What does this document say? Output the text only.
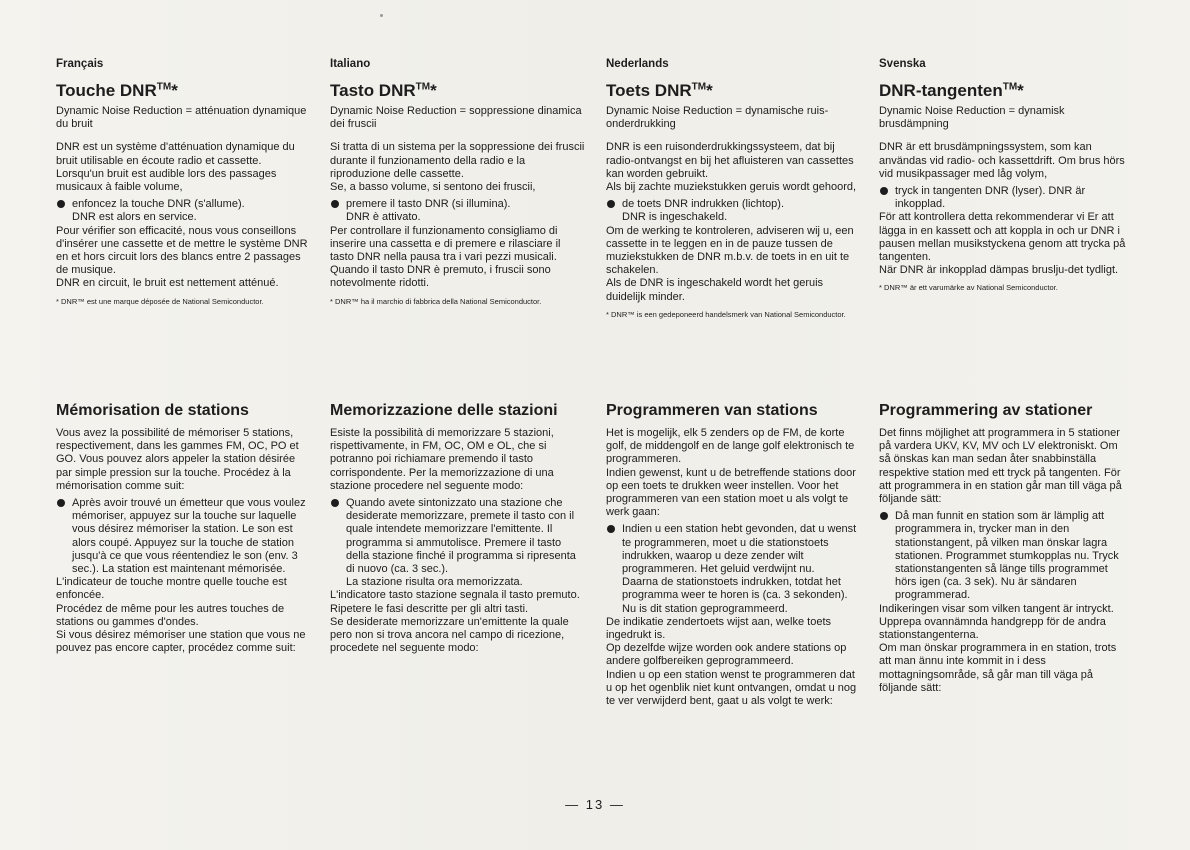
Français
Touche DNR™*

Dynamic Noise Reduction = atténuation dynamique du bruit

DNR est un système d'atténuation dynamique du bruit utilisable en écoute radio et cassette.
Lorsqu'un bruit est audible lors des passages musicaux à faible volume,

enfoncez la touche DNR (s'allume).
DNR est alors en service.

Pour vérifier son efficacité, nous vous conseillons d'insérer une cassette et de mettre le système DNR en et hors circuit lors des blancs entre 2 passages de musique.
DNR en circuit, le bruit est nettement atténué.

* DNR™ est une marque déposée de National Semiconductor.
Mémorisation de stations

Vous avez la possibilité de mémoriser 5 stations, respectivement, dans les gammes FM, OC, PO et GO. Vous pouvez alors appeler la station désirée par simple pression sur la touche. Procédez à la mémorisation comme suit:

Après avoir trouvé un émetteur que vous voulez mémoriser, appuyez sur la touche sur laquelle vous désirez mémoriser la station. Le son est alors coupé. Appuyez sur la touche de station jusqu'à ce que vous réentendiez le son (env. 3 sec.). La station est maintenant mémorisée.

L'indicateur de touche montre quelle touche est enfoncée.
Procédez de même pour les autres touches de stations ou gammes d'ondes.
Si vous désirez mémoriser une station que vous ne pouvez pas encore capter, procédez comme suit:

Italiano
Tasto DNR™*

Dynamic Noise Reduction = soppressione dinamica dei fruscii

Si tratta di un sistema per la soppressione dei fruscii durante il funzionamento della radio e la riproduzione delle cassette.
Se, a basso volume, si sentono dei fruscii,

premere il tasto DNR (si illumina).
DNR è attivato.

Per controllare il funzionamento consigliamo di inserire una cassetta e di premere e rilasciare il tasto DNR nella pausa tra i vari pezzi musicali.
Quando il tasto DNR è premuto, i fruscii sono notevolmente ridotti.

* DNR™ ha il marchio di fabbrica della National Semiconductor.
Memorizzazione delle stazioni

Esiste la possibilità di memorizzare 5 stazioni, rispettivamente, in FM, OC, OM e OL, che si potranno poi richiamare premendo il tasto corrispondente. Per la memorizzazione di una stazione procedere nel seguente modo:

Quando avete sintonizzato una stazione che desiderate memorizzare, premete il tasto con il quale intendete memorizzare l'emittente. Il programma si ammutolisce. Premere il tasto della stazione finché il programma si ripresenta di nuovo (ca. 3 sec.).
La stazione risulta ora memorizzata.

L'indicatore tasto stazione segnala il tasto premuto.
Ripetere le fasi descritte per gli altri tasti.
Se desiderate memorizzare un'emittente la quale pero non si trova ancora nel campo di ricezione, procedete nel seguente modo:

Nederlands
Toets DNR™*

Dynamic Noise Reduction = dynamische ruis-onderdrukking

DNR is een ruisonderdrukkingssysteem, dat bij radio-ontvangst en bij het afluisteren van cassettes kan worden gebruikt.
Als bij zachte muziekstukken geruis wordt gehoord,

de toets DNR indrukken (lichtop).
DNR is ingeschakeld.

Om de werking te kontroleren, adviseren wij u, een cassette in te leggen en in de pauze tussen de muziekstukken de DNR m.b.v. de toets in en uit te schakelen.
Als de DNR is ingeschakeld wordt het geruis duidelijk minder.

* DNR™ is een gedeponeerd handelsmerk van National Semiconductor.
Programmeren van stations

Het is mogelijk, elk 5 zenders op de FM, de korte golf, de middengolf en de lange golf elektronisch te programmeren.
Indien gewenst, kunt u de betreffende stations door op een toets te drukken weer instellen. Voor het programmeren van een station moet u als volgt te werk gaan:

Indien u een station hebt gevonden, dat u wenst te programmeren, moet u die stationstoets indrukken, waarop u deze zender wilt programmeren. Het geluid verdwijnt nu.
Daarna de stationstoets indrukken, totdat het programma weer te horen is (ca. 3 sekonden). Nu is dit station geprogrammeerd.

De indikatie zendertoets wijst aan, welke toets ingedrukt is.
Op dezelfde wijze worden ook andere stations op andere golfbereiken geprogrammeerd.
Indien u op een station wenst te programmeren dat u op het ogenblik niet kunt ontvangen, omdat u nog te ver verwijderd bent, gaat u als volgt te werk:

Svenska
DNR-tangenten™*

Dynamic Noise Reduction = dynamisk brusdämpning

DNR är ett brusdämpningssystem, som kan användas vid radio- och kassettdrift. Om brus hörs vid musikpassager med låg volym,

tryck in tangenten DNR (lyser). DNR är inkopplad.

För att kontrollera detta rekommenderar vi Er att lägga in en kassett och att koppla in och ur DNR i pausen mellan musikstyckena genom att trycka på tangenten.
När DNR är inkopplad dämpas bruslju-det tydligt.

* DNR™ är ett varumärke av National Semiconductor.
Programmering av stationer

Det finns möjlighet att programmera in 5 stationer på vardera UKV, KV, MV och LV elektroniskt. Om så önskas kan man sedan åter snabbinställa respektive station med ett tryck på tangenten. För att programmera in en station går man till väga på följande sätt:

Då man funnit en station som är lämplig att programmera in, trycker man in den stationstangent, på vilken man önskar lagra stationen. Programmet stumkopplas nu. Tryck stationstangenten så länge tills programmet hörs igen (ca. 3 sek). Nu är sändaren programmerad.

Indikeringen visar som vilken tangent är intryckt.
Upprepa ovannämnda handgrepp för de andra stationstangenterna.
Om man önskar programmera in en station, trots att man ännu inte kommit in i dess mottagningsområde, så går man till väga på följande sätt:

— 13 —
